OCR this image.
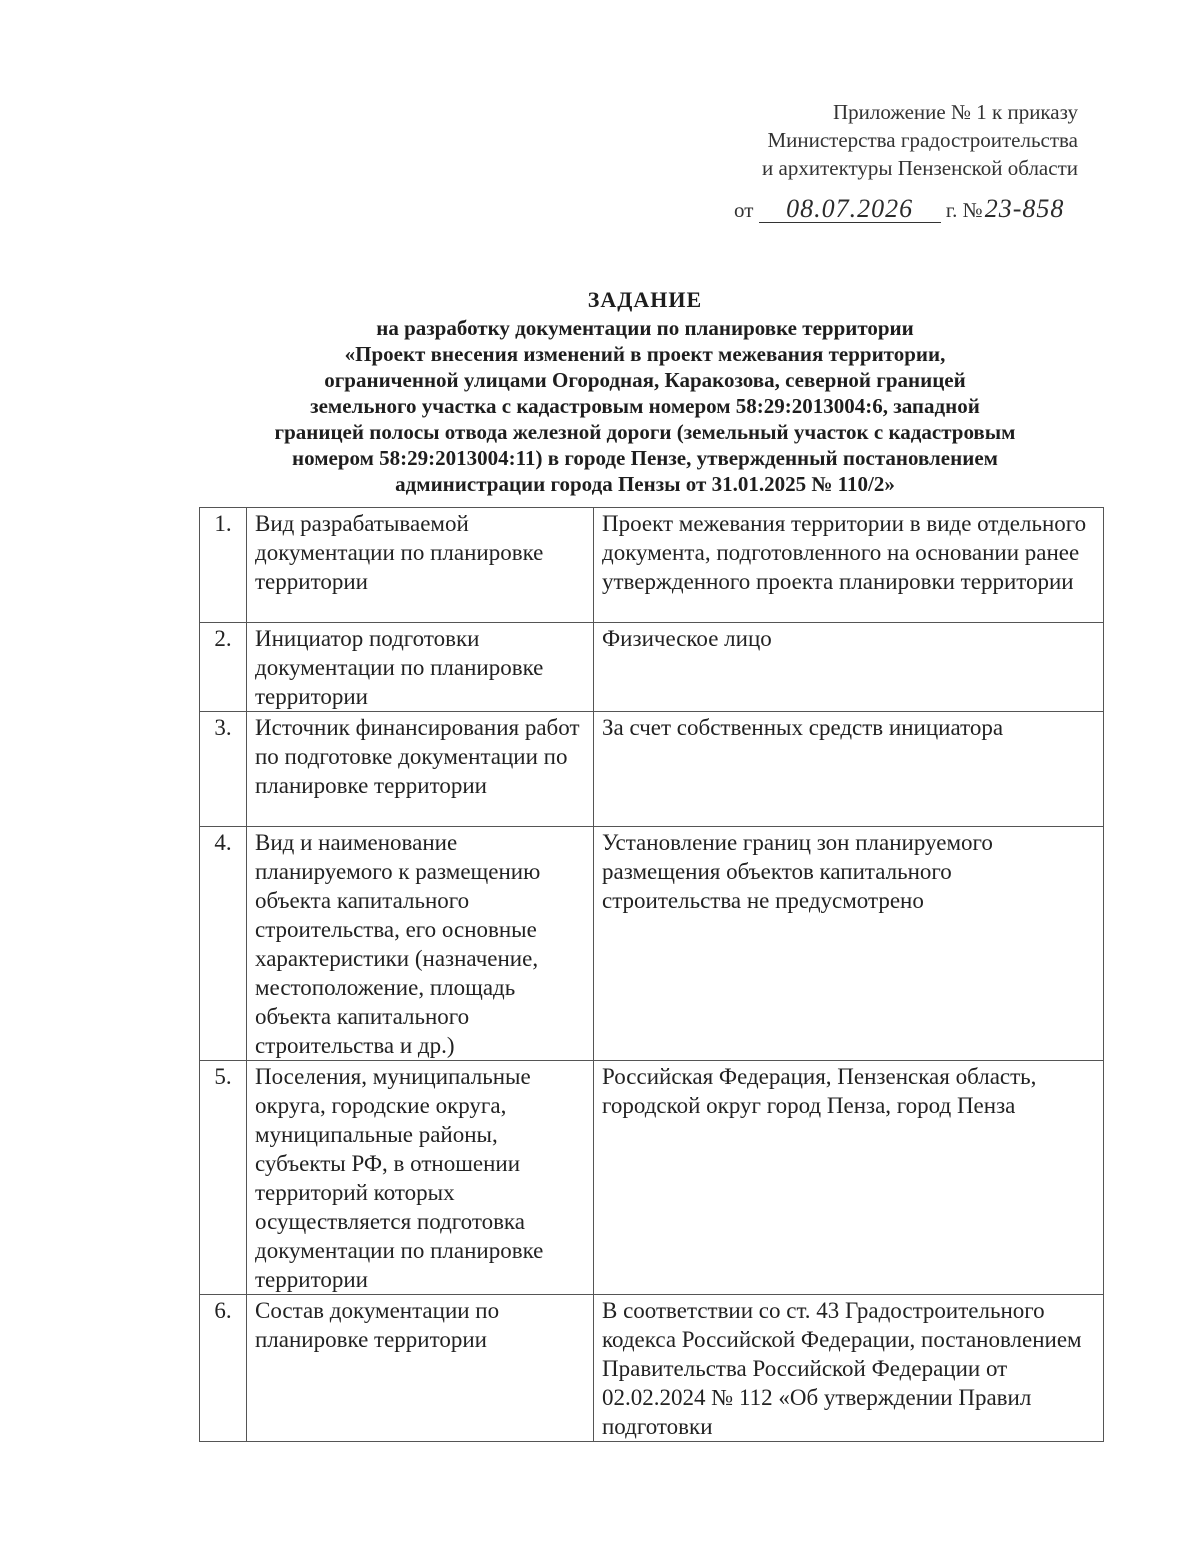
Приложение № 1 к приказу
Министерства градостроительства
и архитектуры Пензенской области
от 08.07.2026 г. №23-858
ЗАДАНИЕ
на разработку документации по планировке территории
«Проект внесения изменений в проект межевания территории,
ограниченной улицами Огородная, Каракозова, северной границей
земельного участка с кадастровым номером 58:29:2013004:6, западной
границей полосы отвода железной дороги (земельный участок с кадастровым
номером 58:29:2013004:11) в городе Пензе, утвержденный постановлением
администрации города Пензы от 31.01.2025 № 110/2»
1.	Вид разрабатываемой документации по планировке территории	Проект межевания территории в виде отдельного документа, подготовленного на основании ранее утвержденного проекта планировки территории
2.	Инициатор подготовки документации по планировке территории	Физическое лицо
3.	Источник финансирования работ по подготовке документации по планировке территории	За счет собственных средств инициатора
4.	Вид и наименование планируемого к размещению объекта капитального строительства, его основные характеристики (назначение, местоположение, площадь объекта капитального строительства и др.)	Установление границ зон планируемого размещения объектов капитального строительства не предусмотрено
5.	Поселения, муниципальные округа, городские округа, муниципальные районы, субъекты РФ, в отношении территорий которых осуществляется подготовка документации по планировке территории	Российская Федерация, Пензенская область, городской округ город Пенза, город Пенза
6.	Состав документации по планировке территории	В соответствии со ст. 43 Градостроительного кодекса Российской Федерации, постановлением Правительства Российской Федерации от 02.02.2024 № 112 «Об утверждении Правил подготовки
